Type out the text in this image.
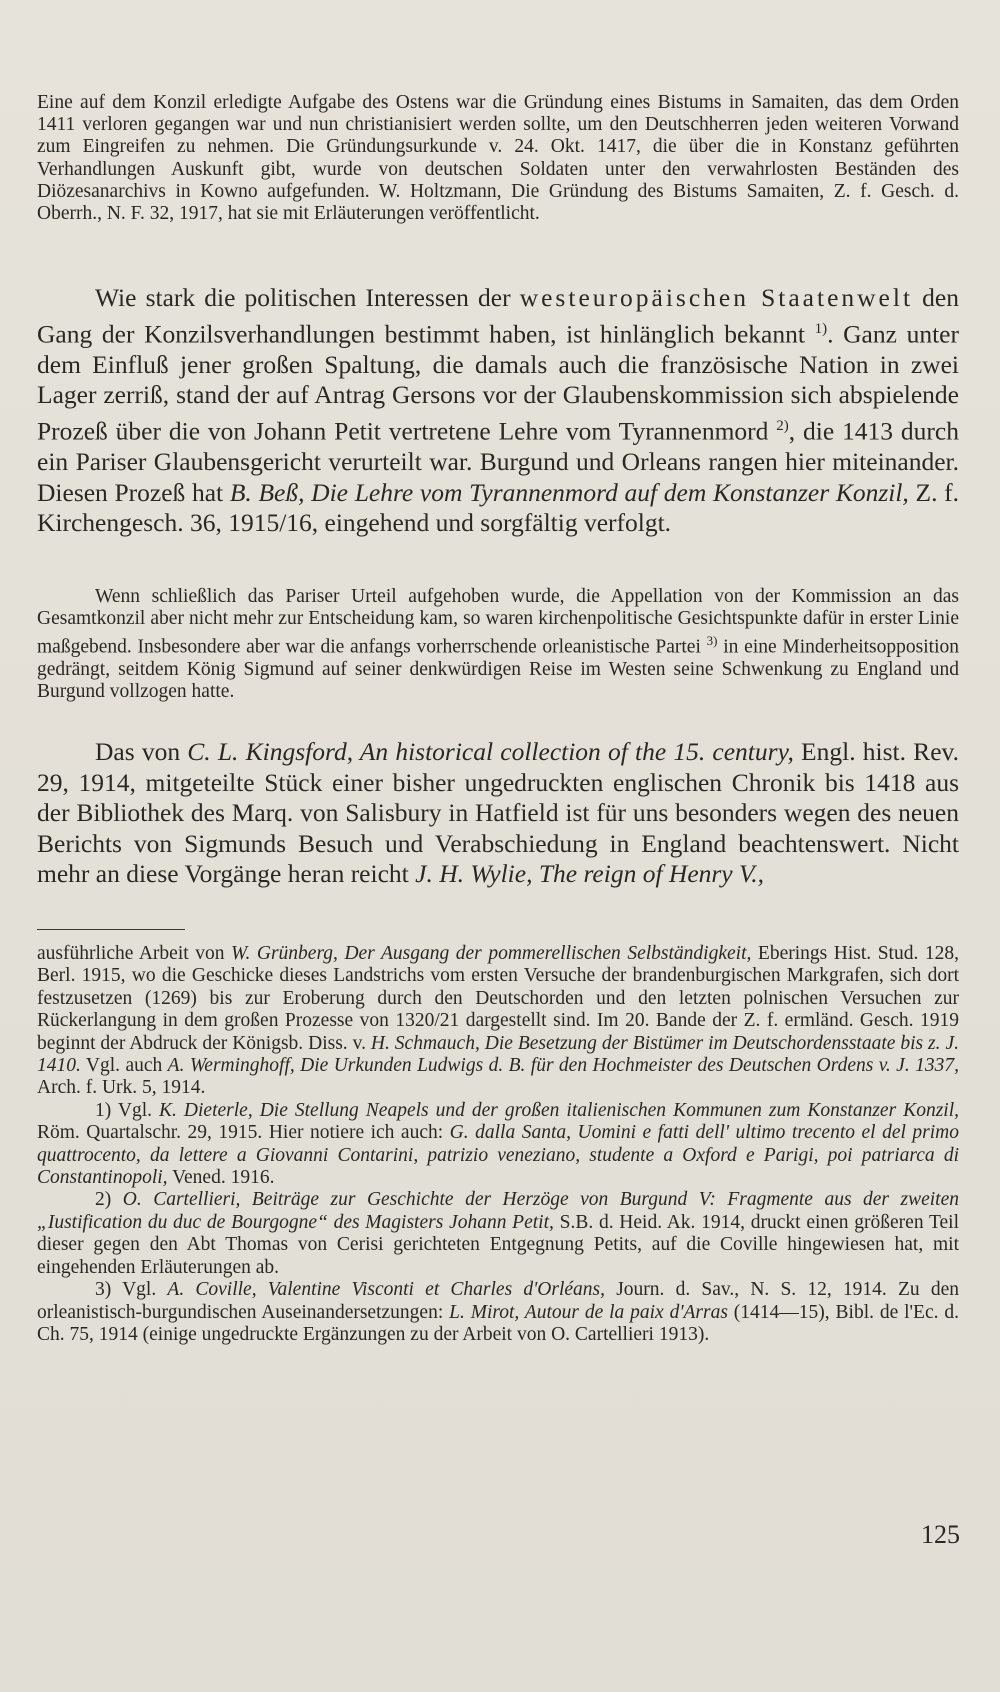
Eine auf dem Konzil erledigte Aufgabe des Ostens war die Gründung eines Bistums in Samaiten, das dem Orden 1411 verloren gegangen war und nun christianisiert werden sollte, um den Deutschherren jeden weiteren Vorwand zum Eingreifen zu nehmen. Die Gründungsurkunde v. 24. Okt. 1417, die über die in Konstanz geführten Verhandlungen Auskunft gibt, wurde von deutschen Soldaten unter den verwahrlosten Beständen des Diözesanarchivs in Kowno aufgefunden. W. Holtzmann, Die Gründung des Bistums Samaiten, Z. f. Gesch. d. Oberrh., N. F. 32, 1917, hat sie mit Erläuterungen veröffentlicht.

Wie stark die politischen Interessen der westeuropäischen Staatenwelt den Gang der Konzilsverhandlungen bestimmt haben, ist hinlänglich bekannt $^{1)}$. Ganz unter dem Einfluß jener großen Spaltung, die damals auch die französische Nation in zwei Lager zerriß, stand der auf Antrag Gersons vor der Glaubenskommission sich abspielende Prozeß über die von Johann Petit vertretene Lehre vom Tyrannenmord $^{2)}$, die 1413 durch ein Pariser Glaubensgericht verurteilt war. Burgund und Orleans rangen hier miteinander. Diesen Prozeß hat B. Beß, Die Lehre vom Tyrannenmord auf dem Konstanzer Konzil, Z. f. Kirchengesch. 36, 1915/16, eingehend und sorgfältig verfolgt.

Wenn schließlich das Pariser Urteil aufgehoben wurde, die Appellation von der Kommission an das Gesamtkonzil aber nicht mehr zur Entscheidung kam, so waren kirchenpolitische Gesichtspunkte dafür in erster Linie maßgebend. Insbesondere aber war die anfangs vorherrschende orleanistische Partei $^{3)}$ in eine Minderheitsopposition gedrängt, seitdem König Sigmund auf seiner denkwürdigen Reise im Westen seine Schwenkung zu England und Burgund vollzogen hatte.

Das von C. L. Kingsford, An historical collection of the 15. century, Engl. hist. Rev. 29, 1914, mitgeteilte Stück einer bisher ungedruckten englischen Chronik bis 1418 aus der Bibliothek des Marq. von Salisbury in Hatfield ist für uns besonders wegen des neuen Berichts von Sigmunds Besuch und Verabschiedung in England beachtenswert. Nicht mehr an diese Vorgänge heran reicht J. H. Wylie, The reign of Henry V.,

ausführliche Arbeit von W. Grünberg, Der Ausgang der pommerellischen Selbständigkeit, Eberings Hist. Stud. 128, Berl. 1915, wo die Geschicke dieses Landstrichs vom ersten Versuche der brandenburgischen Markgrafen, sich dort festzusetzen (1269) bis zur Eroberung durch den Deutschorden und den letzten polnischen Versuchen zur Rückerlangung in dem großen Prozesse von 1320/21 dargestellt sind. Im 20. Bande der Z. f. ermländ. Gesch. 1919 beginnt der Abdruck der Königsb. Diss. v. H. Schmauch, Die Besetzung der Bistümer im Deutschordensstaate bis z. J. 1410. Vgl. auch A. Werminghoff, Die Urkunden Ludwigs d. B. für den Hochmeister des Deutschen Ordens v. J. 1337, Arch. f. Urk. 5, 1914.

1) Vgl. K. Dieterle, Die Stellung Neapels und der großen italienischen Kommunen zum Konstanzer Konzil, Röm. Quartalschr. 29, 1915. Hier notiere ich auch: G. dalla Santa, Uomini e fatti dell' ultimo trecento el del primo quattrocento, da lettere a Giovanni Contarini, patrizio veneziano, studente a Oxford e Parigi, poi patriarca di Constantinopoli, Vened. 1916.

2) O. Cartellieri, Beiträge zur Geschichte der Herzöge von Burgund V: Fragmente aus der zweiten „Iustification du duc de Bourgogne“ des Magisters Johann Petit, S.B. d. Heid. Ak. 1914, druckt einen größeren Teil dieser gegen den Abt Thomas von Cerisi gerichteten Entgegnung Petits, auf die Coville hingewiesen hat, mit eingehenden Erläuterungen ab.

3) Vgl. A. Coville, Valentine Visconti et Charles d'Orléans, Journ. d. Sav., N. S. 12, 1914. Zu den orleanistisch-burgundischen Auseinandersetzungen: L. Mirot, Autour de la paix d'Arras (1414—15), Bibl. de l'Ec. d. Ch. 75, 1914 (einige ungedruckte Ergänzungen zu der Arbeit von O. Cartellieri 1913).

125
